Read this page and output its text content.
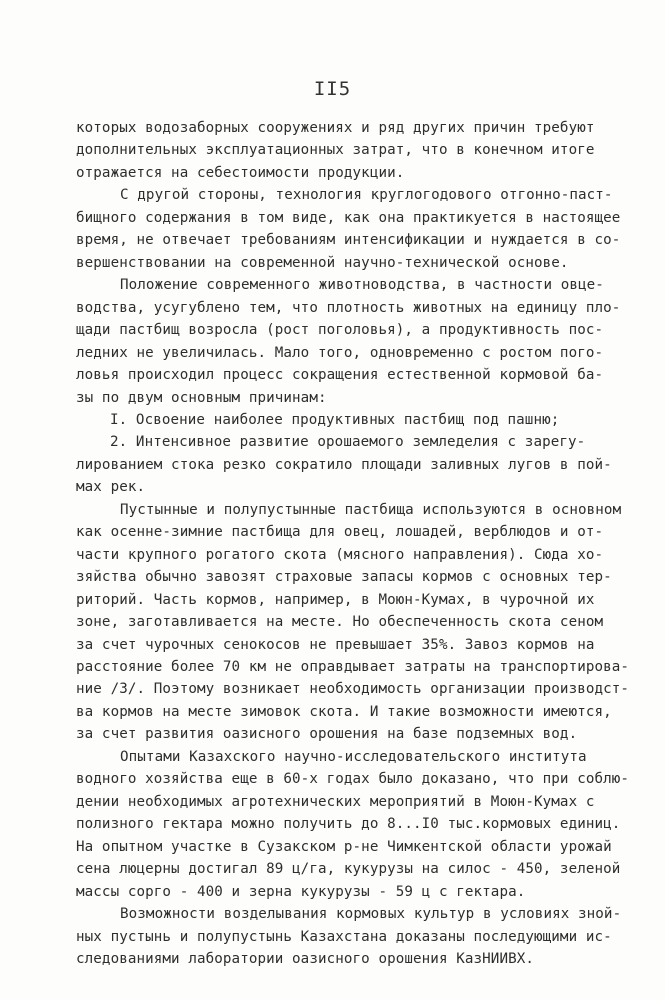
II5
которых водозаборных сооружениях и ряд других причин требуют
дополнительных эксплуатационных затрат, что в конечном итоге
отражается на себестоимости продукции.
С другой стороны, технология круглогодового отгонно-паст-
бищного содержания в том виде, как она практикуется в настоящее
время, не отвечает требованиям интенсификации и нуждается в со-
вершенствовании на современной научно-технической основе.
Положение современного животноводства, в частности овце-
водства, усугублено тем, что плотность животных на единицу пло-
щади пастбищ возросла (рост поголовья), а продуктивность пос-
ледних не увеличилась. Мало того, одновременно с ростом пого-
ловья происходил процесс сокращения естественной кормовой ба-
зы по двум основным причинам:
I. Освоение наиболее продуктивных пастбищ под пашню;
2. Интенсивное развитие орошаемого земледелия с зарегу-
лированием стока резко сократило площади заливных лугов в пой-
мах рек.
Пустынные и полупустынные пастбища используются в основном
как осенне-зимние пастбища для овец, лошадей, верблюдов и от-
части крупного рогатого скота (мясного направления). Сюда хо-
зяйства обычно завозят страховые запасы кормов с основных тер-
риторий. Часть кормов, например, в Моюн-Кумах, в чурочной их
зоне, заготавливается на месте. Но обеспеченность скота сеном
за счет чурочных сенокосов не превышает 35%. Завоз кормов на
расстояние более 70 км не оправдывает затраты на транспортирова-
ние /3/. Поэтому возникает необходимость организации производст-
ва кормов на месте зимовок скота. И такие возможности имеются,
за счет развития оазисного орошения на базе подземных вод.
Опытами Казахского научно-исследовательского института
водного хозяйства еще в 60-х годах было доказано, что при соблю-
дении необходимых агротехнических мероприятий в Моюн-Кумах с
полизного гектара можно получить до 8...I0 тыс.кормовых единиц.
На опытном участке в Сузакском р-не Чимкентской области урожай
сена люцерны достигал 89 ц/га, кукурузы на силос - 450, зеленой
массы сорго - 400 и зерна кукурузы - 59 ц с гектара.
Возможности возделывания кормовых культур в условиях зной-
ных пустынь и полупустынь Казахстана доказаны последующими ис-
следованиями лаборатории оазисного орошения КазНИИВХ.
